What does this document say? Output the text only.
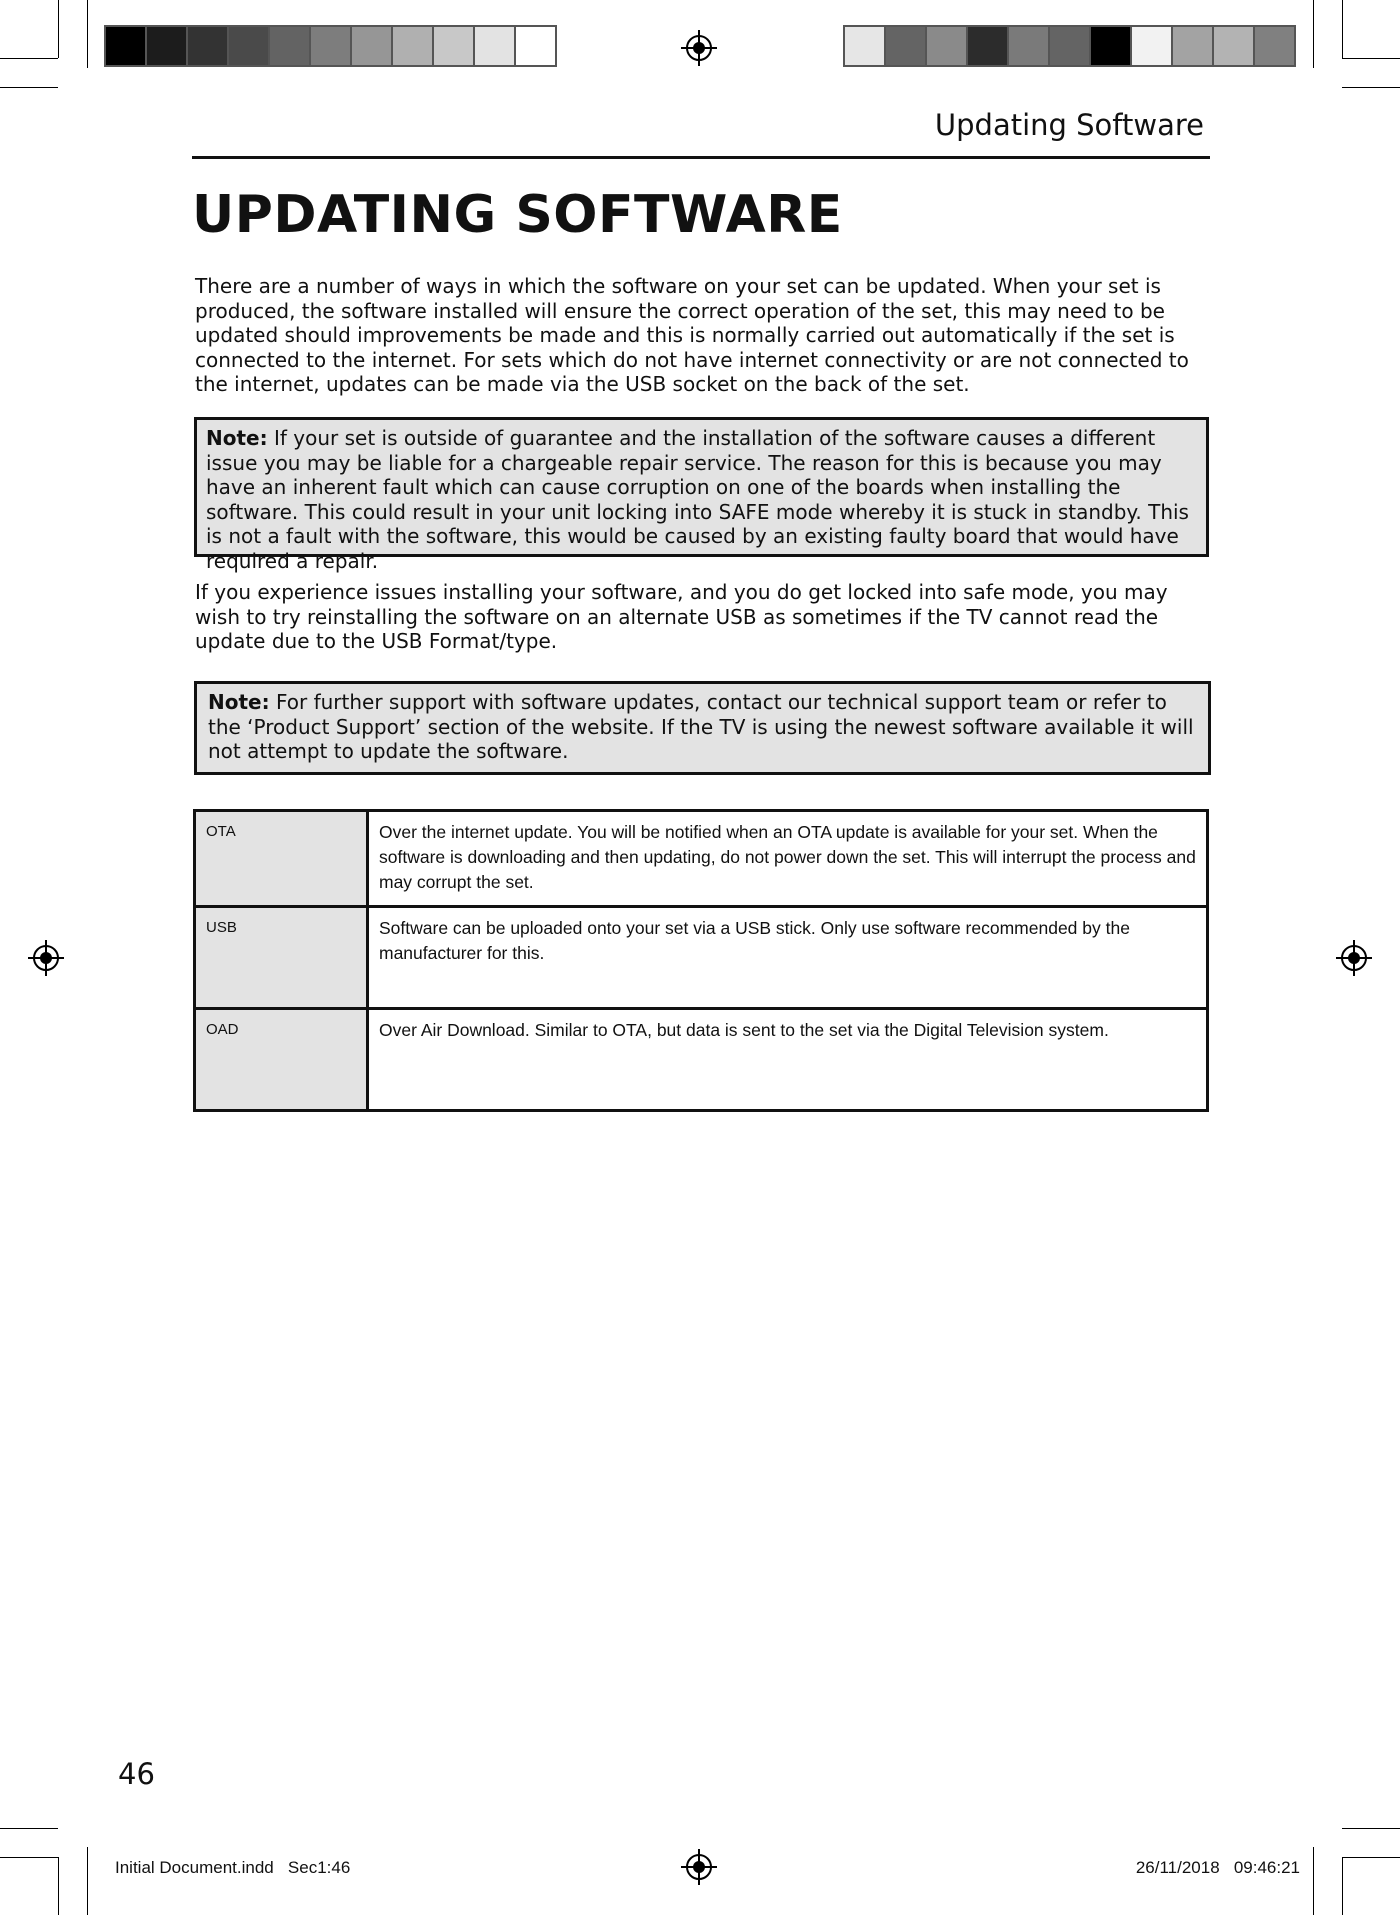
Updating Software
UPDATING SOFTWARE

There are a number of ways in which the software on your set can be updated. When your set is produced, the software installed will ensure the correct operation of the set, this may need to be updated should improvements be made and this is normally carried out automatically if the set is connected to the internet. For sets which do not have internet connectivity or are not connected to the internet, updates can be made via the USB socket on the back of the set.

Note: If your set is outside of guarantee and the installation of the software causes a different issue you may be liable for a chargeable repair service. The reason for this is because you may have an inherent fault which can cause corruption on one of the boards when installing the software. This could result in your unit locking into SAFE mode whereby it is stuck in standby. This is not a fault with the software, this would be caused by an existing faulty board that would have required a repair.

If you experience issues installing your software, and you do get locked into safe mode, you may wish to try reinstalling the software on an alternate USB as sometimes if the TV cannot read the update due to the USB Format/type.

Note: For further support with software updates, contact our technical support team or refer to the ‘Product Support’ section of the website. If the TV is using the newest software available it will not attempt to update the software.
OTA	Over the internet update. You will be notified when an OTA update is available for your set. When the software is downloading and then updating, do not power down the set. This will interrupt the process and may corrupt the set.
USB	Software can be uploaded onto your set via a USB stick. Only use software recommended by the manufacturer for this.
OAD	Over Air Download. Similar to OTA, but data is sent to the set via the Digital Television system.
46
Initial Document.indd   Sec1:46	26/11/2018   09:46:21
